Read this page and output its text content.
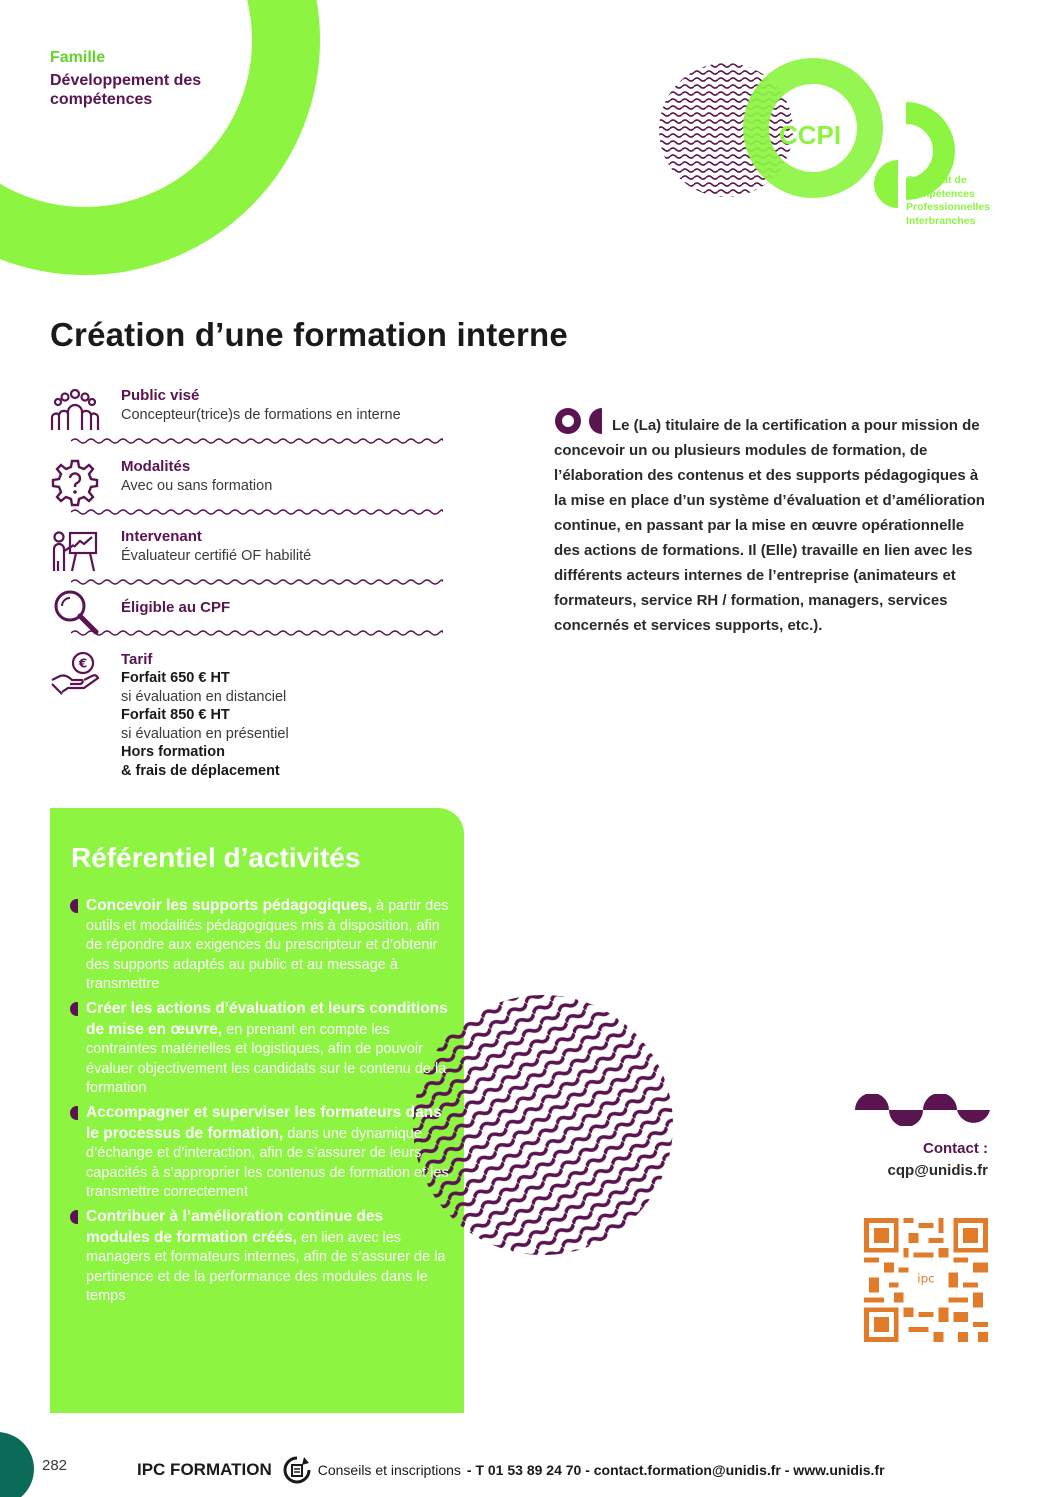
Famille
Développement des compétences
CCPI
Certificat de
Compétences
Professionnelles
Interbranches
Création d’une formation interne
Public visé
Concepteur(trice)s de formations en interne
Modalités
Avec ou sans formation
Intervenant
Évaluateur certifié OF habilité
Éligible au CPF
€ Tarif
Forfait 650 € HT
si évaluation en distanciel
Forfait 850 € HT
si évaluation en présentiel
Hors formation
& frais de déplacement
Le (La) titulaire de la certification a pour mission de concevoir un ou plusieurs modules de formation, de l’élaboration des contenus et des supports pédagogiques à la mise en place d’un système d’évaluation et d’amélioration continue, en passant par la mise en œuvre opérationnelle des actions de formations. Il (Elle) travaille en lien avec les différents acteurs internes de l’entreprise (animateurs et formateurs, service RH / formation, managers, services concernés et services supports, etc.).
Référentiel d’activités
Concevoir les supports pédagogiques, à partir des outils et modalités pédagogiques mis à disposition, afin de répondre aux exigences du prescripteur et d’obtenir des supports adaptés au public et au message à transmettre
Créer les actions d’évaluation et leurs conditions de mise en œuvre, en prenant en compte les contraintes matérielles et logistiques, afin de pouvoir évaluer objectivement les candidats sur le contenu de la formation
Accompagner et superviser les formateurs dans le processus de formation, dans une dynamique d’échange et d’interaction, afin de s’assurer de leurs capacités à s’approprier les contenus de formation et les transmettre correctement
Contribuer à l’amélioration continue des modules de formation créés, en lien avec les managers et formateurs internes, afin de s’assurer de la pertinence et de la performance des modules dans le temps
Contact :
cqp@unidis.fr
ipc
282	IPC FORMATION	Conseils et inscriptions - T 01 53 89 24 70 - contact.formation@unidis.fr - www.unidis.fr
